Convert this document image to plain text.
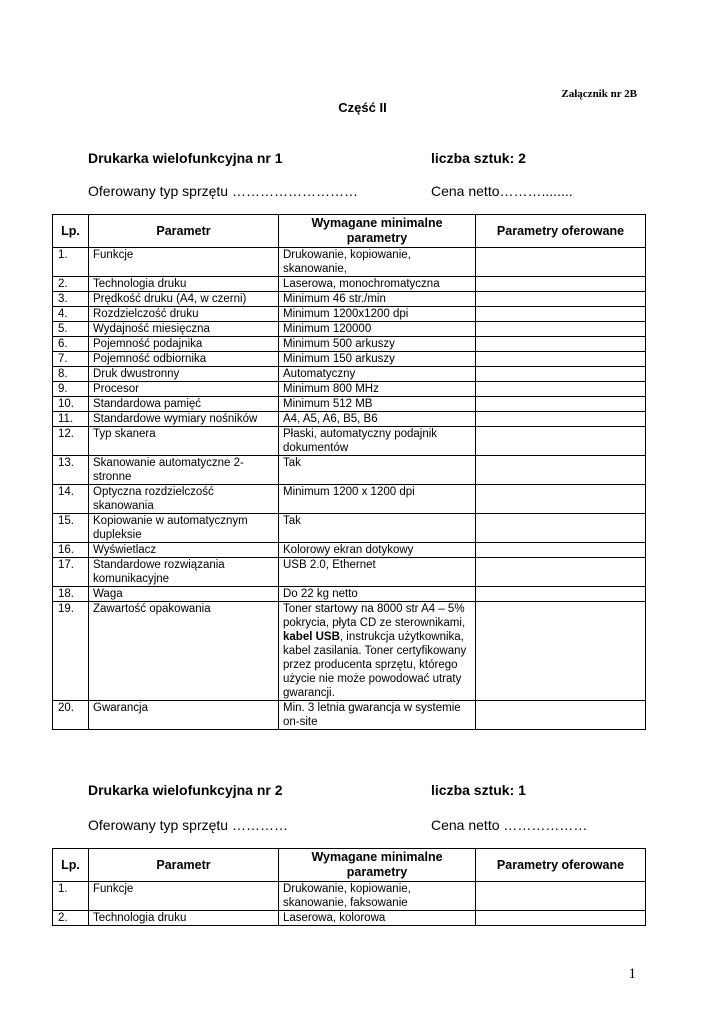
Załącznik nr 2B
Część II
Drukarka wielofunkcyjna nr 1	liczba sztuk: 2
Oferowany typ sprzętu ………………………	Cena netto………........
Lp.	Parametr	Wymagane minimalne parametry	Parametry oferowane
1.	Funkcje	Drukowanie, kopiowanie, skanowanie,	
2.	Technologia druku	Laserowa, monochromatyczna	
3.	Prędkość druku (A4, w czerni)	Minimum 46 str./min	
4.	Rozdzielczość druku	Minimum 1200x1200 dpi	
5.	Wydajność miesięczna	Minimum 120000	
6.	Pojemność podajnika	Minimum 500 arkuszy	
7.	Pojemność odbiornika	Minimum 150 arkuszy	
8.	Druk dwustronny	Automatyczny	
9.	Procesor	Minimum 800 MHz	
10.	Standardowa pamięć	Minimum 512 MB	
11.	Standardowe wymiary nośników	A4, A5, A6, B5, B6	
12.	Typ skanera	Płaski, automatyczny podajnik dokumentów	
13.	Skanowanie automatyczne 2-stronne	Tak	
14.	Optyczna rozdzielczość skanowania	Minimum 1200 x 1200 dpi	
15.	Kopiowanie w automatycznym dupleksie	Tak	
16.	Wyświetlacz	Kolorowy ekran dotykowy	
17.	Standardowe rozwiązania komunikacyjne	USB 2.0, Ethernet	
18.	Waga	Do 22 kg netto	
19.	Zawartość opakowania	Toner startowy na 8000 str A4 – 5% pokrycia, płyta CD ze sterownikami, kabel USB, instrukcja użytkownika, kabel zasilania. Toner certyfikowany przez producenta sprzętu, którego użycie nie może powodować utraty gwarancji.	
20.	Gwarancja	Min. 3 letnia gwarancja w systemie on-site	
Drukarka wielofunkcyjna nr 2	liczba sztuk: 1
Oferowany typ sprzętu …………	Cena netto ………………
Lp.	Parametr	Wymagane minimalne parametry	Parametry oferowane
1.	Funkcje	Drukowanie, kopiowanie, skanowanie, faksowanie	
2.	Technologia druku	Laserowa, kolorowa	
1
